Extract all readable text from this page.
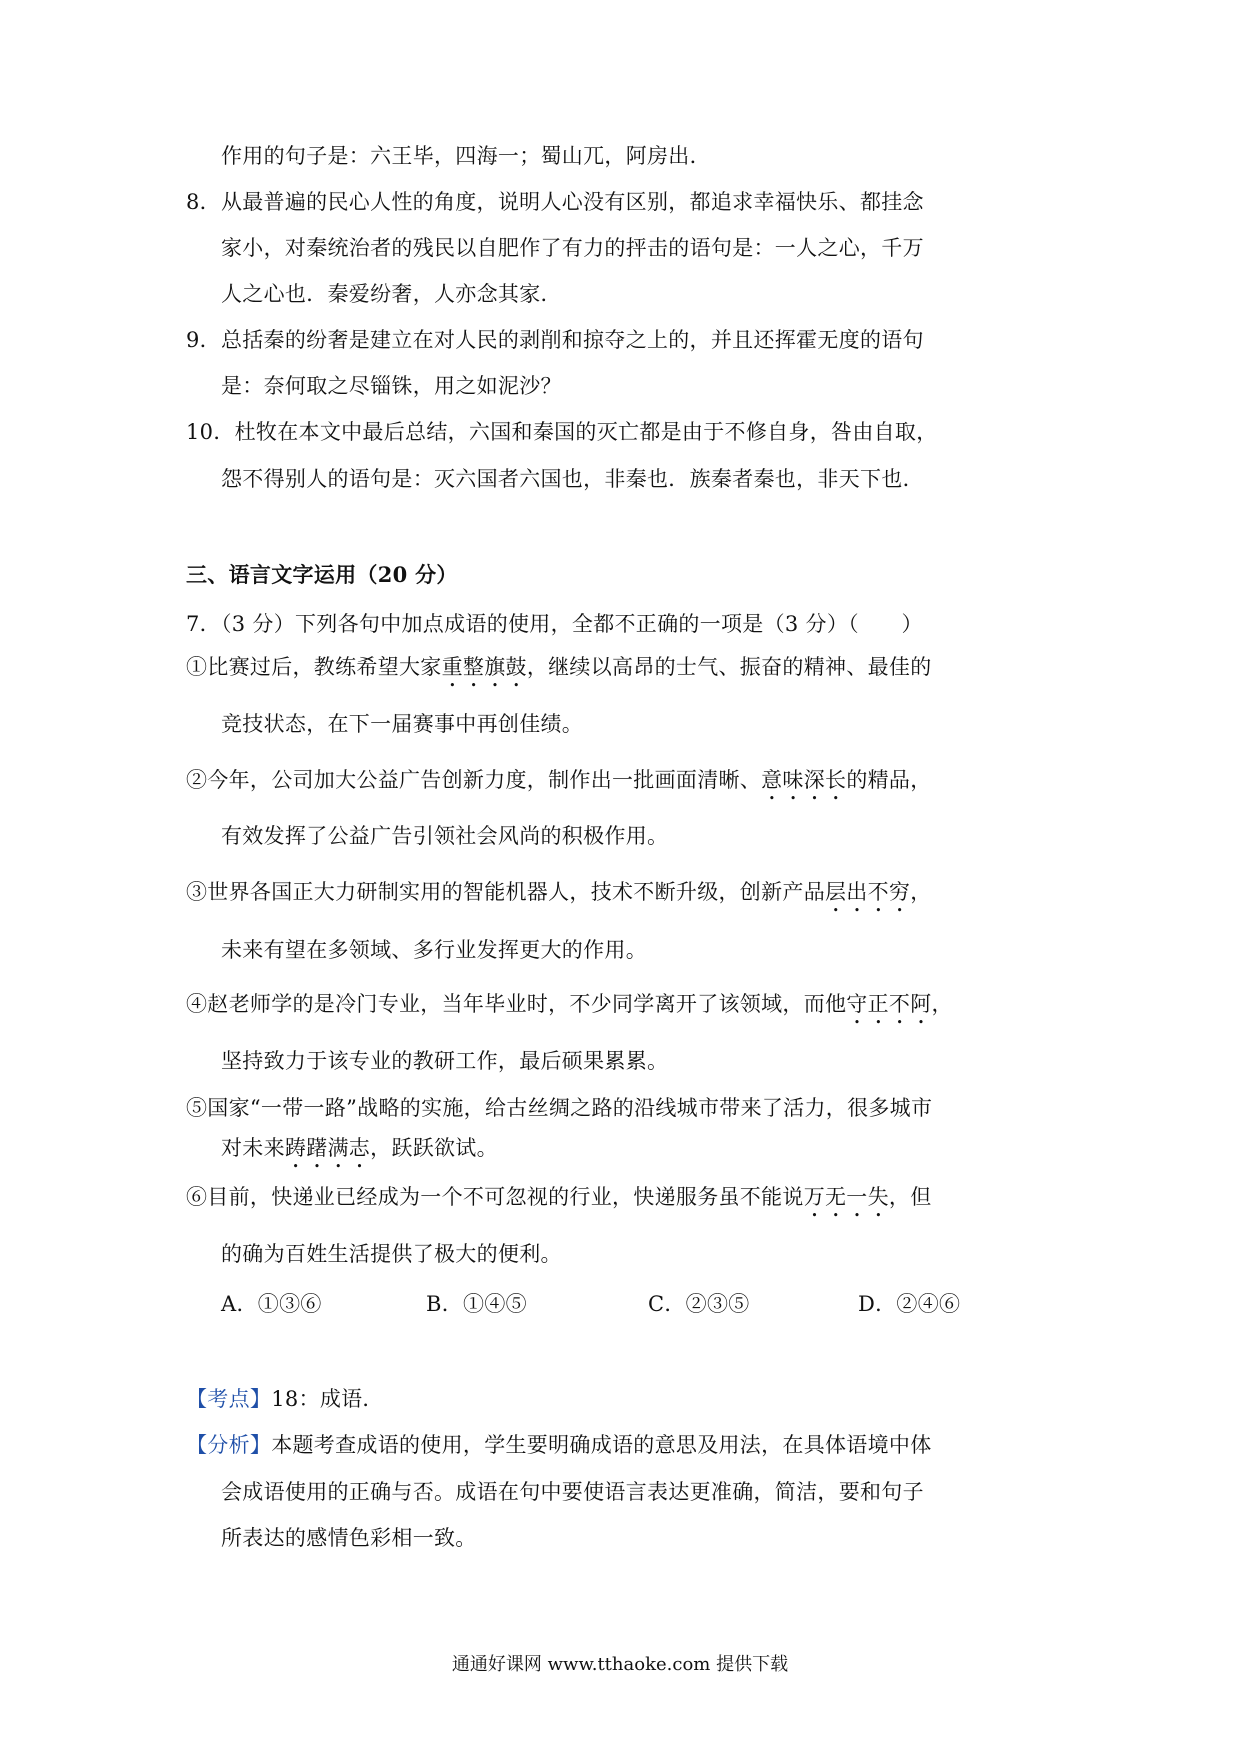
作用的句子是：六王毕，四海一；蜀山兀，阿房出．
8．从最普遍的民心人性的角度，说明人心没有区别，都追求幸福快乐、都挂念
家小，对秦统治者的残民以自肥作了有力的抨击的语句是：一人之心，千万
人之心也．秦爱纷奢，人亦念其家．
9．总括秦的纷奢是建立在对人民的剥削和掠夺之上的，并且还挥霍无度的语句
是：奈何取之尽锱铢，用之如泥沙？
10．杜牧在本文中最后总结，六国和秦国的灭亡都是由于不修自身，咎由自取，
怨不得别人的语句是：灭六国者六国也，非秦也．族秦者秦也，非天下也．
三、语言文字运用（20 分）
7．（3 分）下列各句中加点成语的使用，全都不正确的一项是（3 分）（　　）
①比赛过后，教练希望大家重整旗鼓，继续以高昂的士气、振奋的精神、最佳的
竞技状态，在下一届赛事中再创佳绩。
②今年，公司加大公益广告创新力度，制作出一批画面清晰、意味深长的精品，
有效发挥了公益广告引领社会风尚的积极作用。
③世界各国正大力研制实用的智能机器人，技术不断升级，创新产品层出不穷，
未来有望在多领域、多行业发挥更大的作用。
④赵老师学的是冷门专业，当年毕业时，不少同学离开了该领域，而他守正不阿，
坚持致力于该专业的教研工作，最后硕果累累。
⑤国家“一带一路”战略的实施，给古丝绸之路的沿线城市带来了活力，很多城市
对未来踌躇满志，跃跃欲试。
⑥目前，快递业已经成为一个不可忽视的行业，快递服务虽不能说万无一失，但
的确为百姓生活提供了极大的便利。
A．①③⑥	B．①④⑤	C．②③⑤	D．②④⑥
【考点】18：成语．
【分析】本题考查成语的使用，学生要明确成语的意思及用法，在具体语境中体
会成语使用的正确与否。成语在句中要使语言表达更准确，简洁，要和句子
所表达的感情色彩相一致。
通通好课网 www.tthaoke.com 提供下载
